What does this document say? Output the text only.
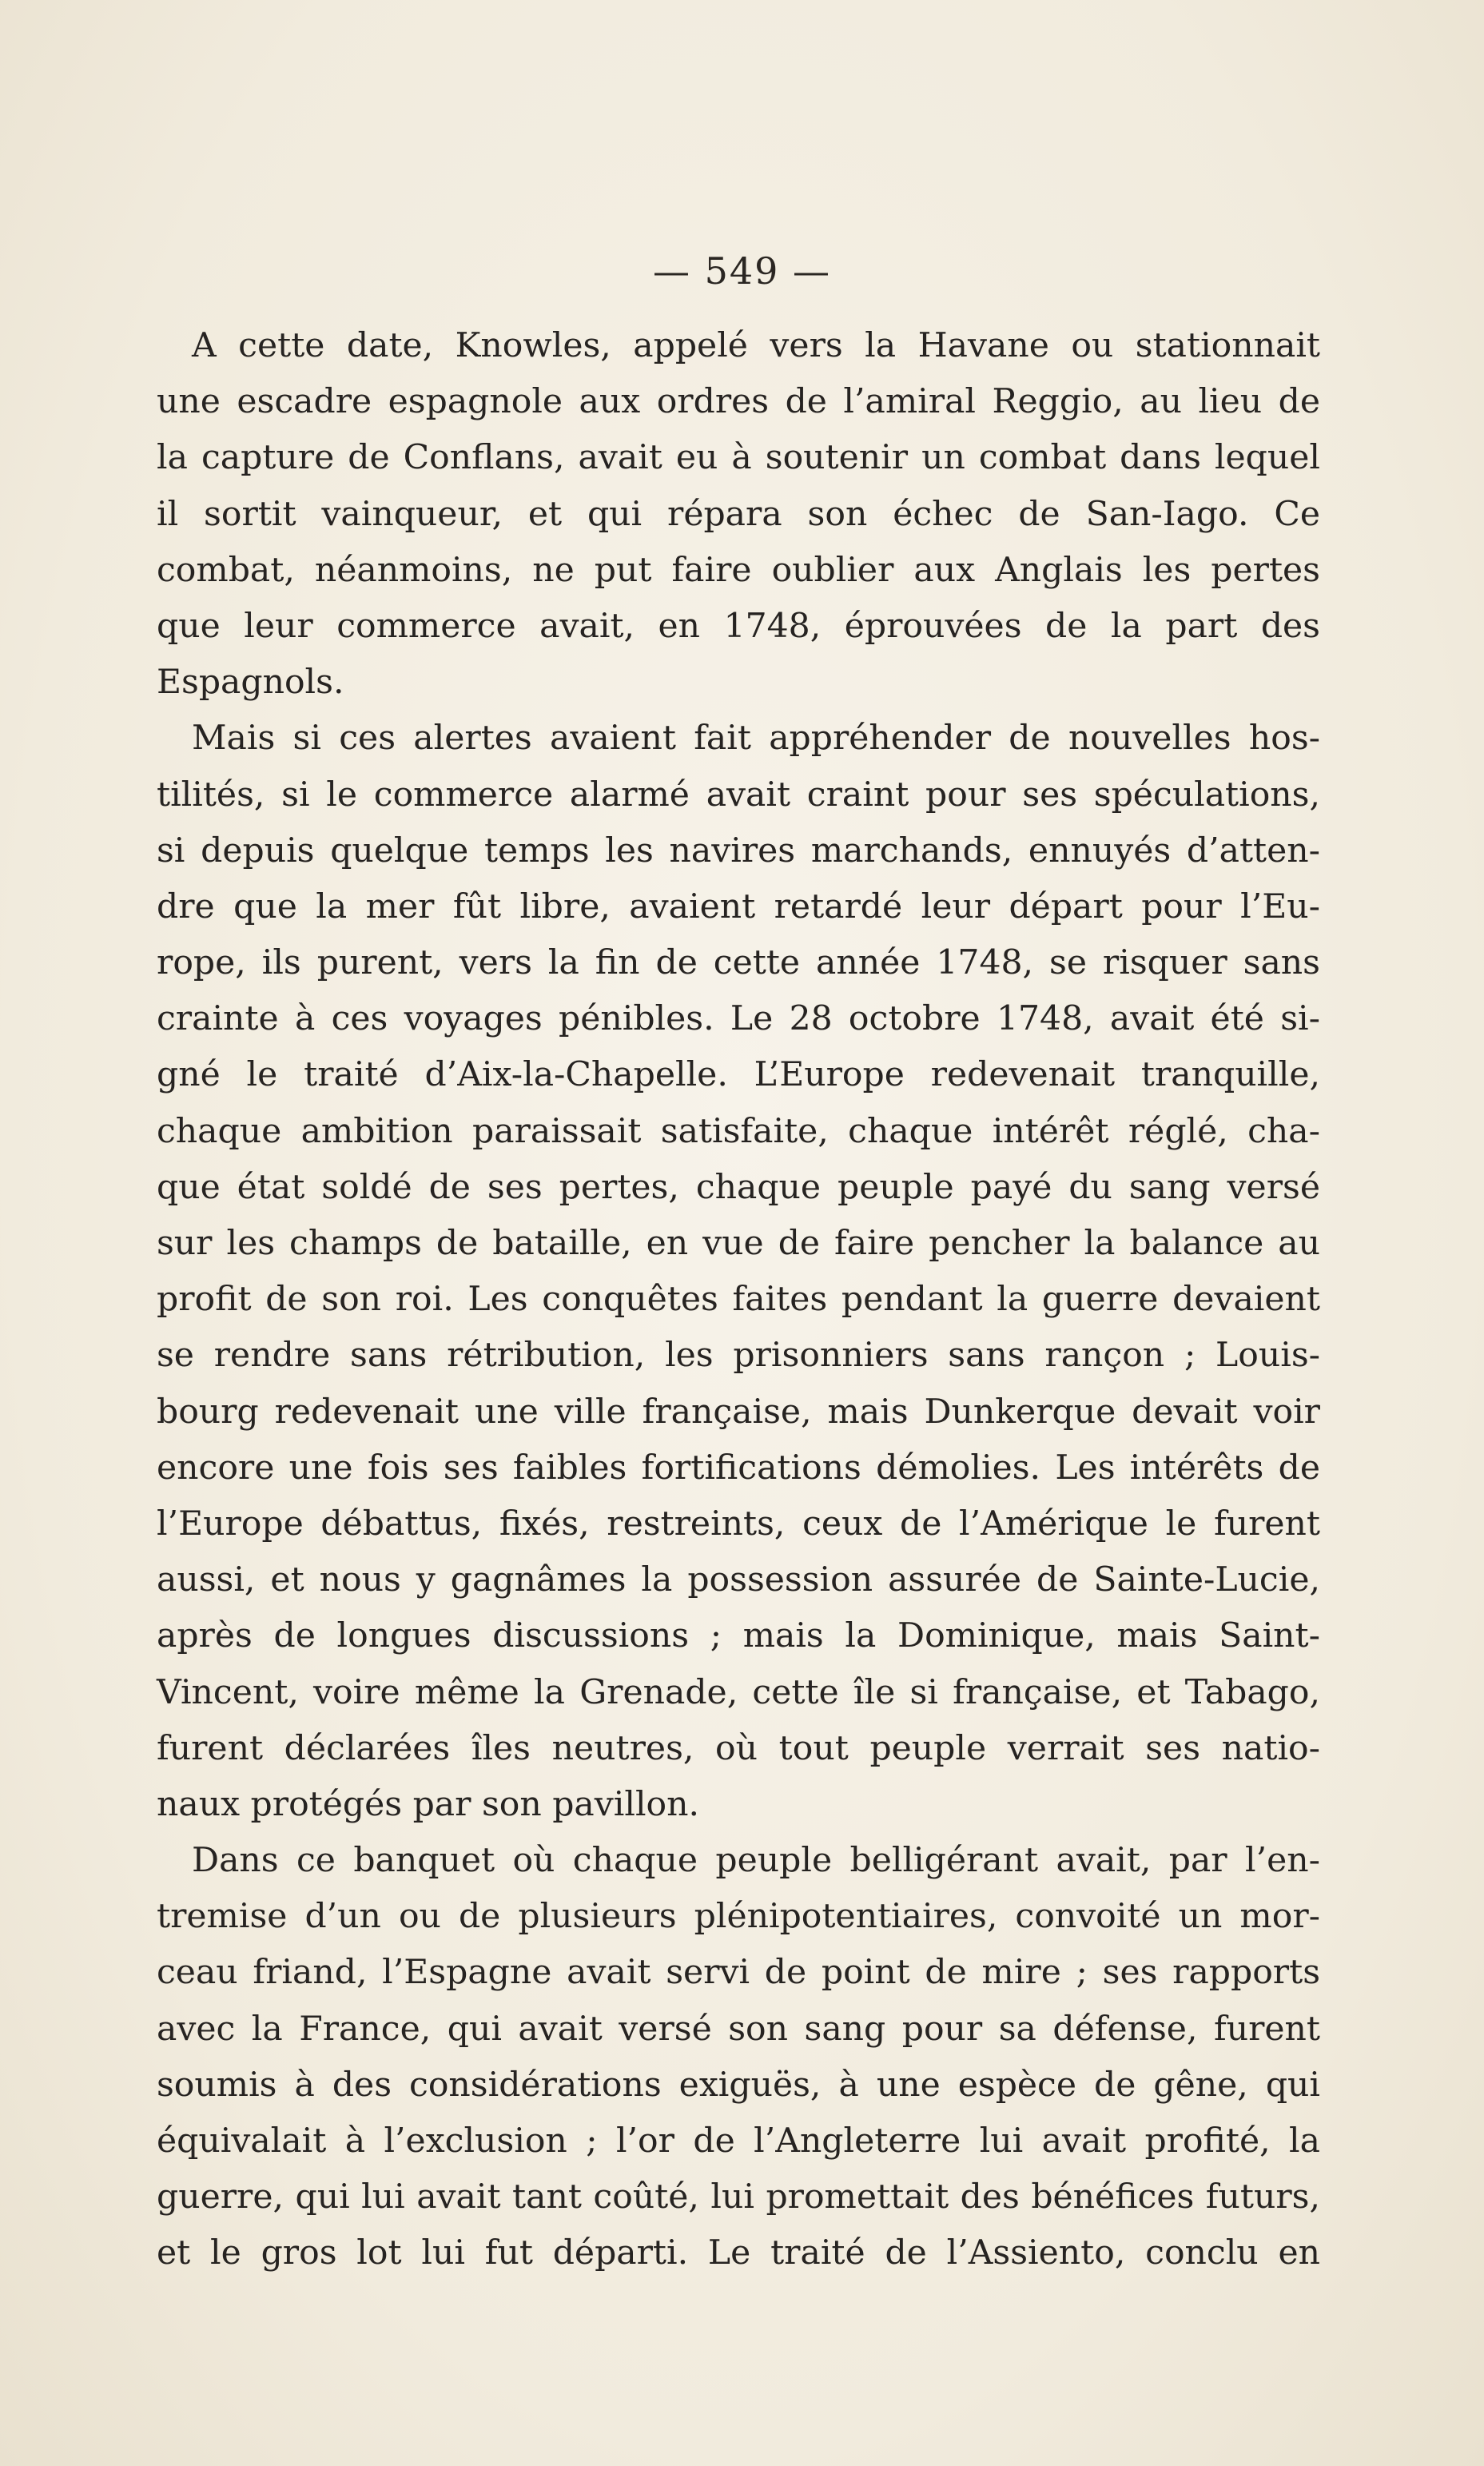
— 549 —
A cette date, Knowles, appelé vers la Havane ou stationnait
une escadre espagnole aux ordres de l’amiral Reggio, au lieu de
la capture de Conflans, avait eu à soutenir un combat dans lequel
il sortit vainqueur, et qui répara son échec de San-Iago. Ce
combat, néanmoins, ne put faire oublier aux Anglais les pertes
que leur commerce avait, en 1748, éprouvées de la part des
Espagnols.
Mais si ces alertes avaient fait appréhender de nouvelles hos-
tilités, si le commerce alarmé avait craint pour ses spéculations,
si depuis quelque temps les navires marchands, ennuyés d’atten-
dre que la mer fût libre, avaient retardé leur départ pour l’Eu-
rope, ils purent, vers la fin de cette année 1748, se risquer sans
crainte à ces voyages pénibles. Le 28 octobre 1748, avait été si-
gné le traité d’Aix-la-Chapelle. L’Europe redevenait tranquille,
chaque ambition paraissait satisfaite, chaque intérêt réglé, cha-
que état soldé de ses pertes, chaque peuple payé du sang versé
sur les champs de bataille, en vue de faire pencher la balance au
profit de son roi. Les conquêtes faites pendant la guerre devaient
se rendre sans rétribution, les prisonniers sans rançon ; Louis-
bourg redevenait une ville française, mais Dunkerque devait voir
encore une fois ses faibles fortifications démolies. Les intérêts de
l’Europe débattus, fixés, restreints, ceux de l’Amérique le furent
aussi, et nous y gagnâmes la possession assurée de Sainte-Lucie,
après de longues discussions ; mais la Dominique, mais Saint-
Vincent, voire même la Grenade, cette île si française, et Tabago,
furent déclarées îles neutres, où tout peuple verrait ses natio-
naux protégés par son pavillon.
Dans ce banquet où chaque peuple belligérant avait, par l’en-
tremise d’un ou de plusieurs plénipotentiaires, convoité un mor-
ceau friand, l’Espagne avait servi de point de mire ; ses rapports
avec la France, qui avait versé son sang pour sa défense, furent
soumis à des considérations exiguës, à une espèce de gêne, qui
équivalait à l’exclusion ; l’or de l’Angleterre lui avait profité, la
guerre, qui lui avait tant coûté, lui promettait des bénéfices futurs,
et le gros lot lui fut départi. Le traité de l’Assiento, conclu en
